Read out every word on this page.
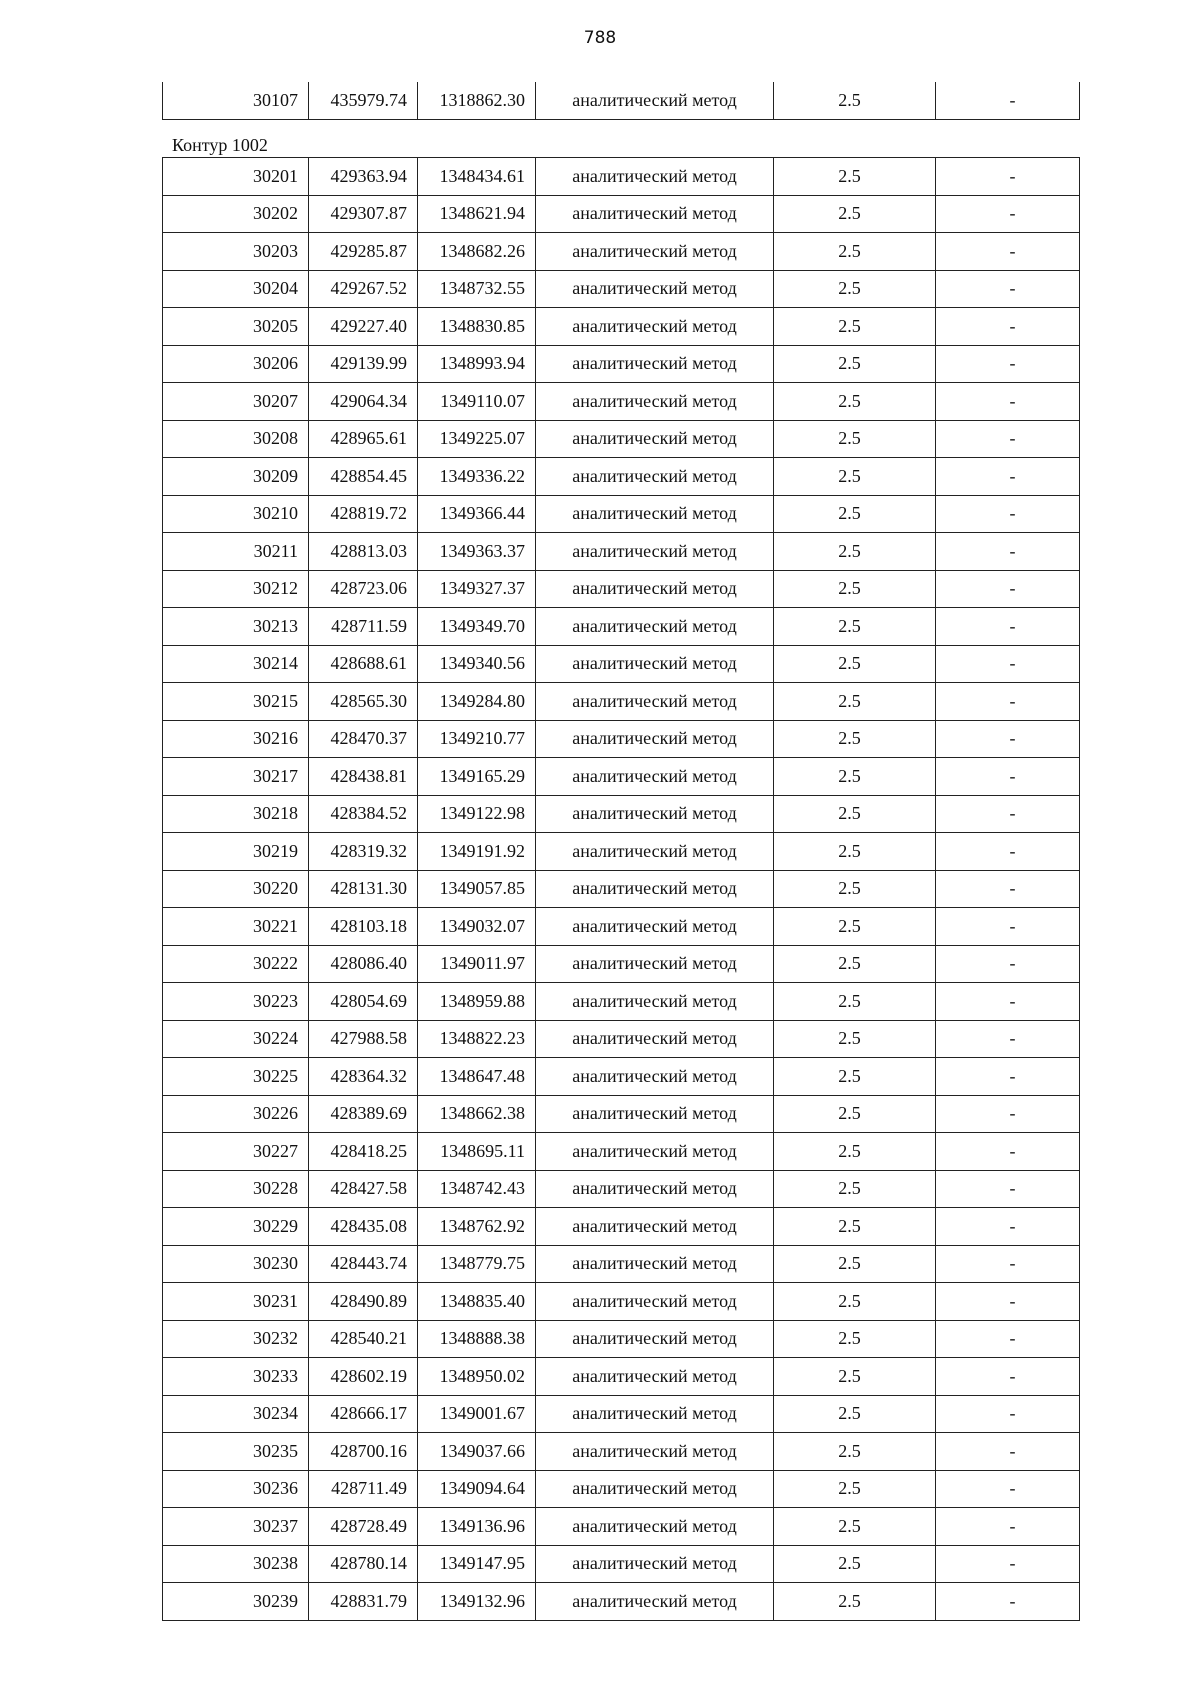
788
30107	435979.74	1318862.30	аналитический метод	2.5	-
Контур 1002
30201	429363.94	1348434.61	аналитический метод	2.5	-
30202	429307.87	1348621.94	аналитический метод	2.5	-
30203	429285.87	1348682.26	аналитический метод	2.5	-
30204	429267.52	1348732.55	аналитический метод	2.5	-
30205	429227.40	1348830.85	аналитический метод	2.5	-
30206	429139.99	1348993.94	аналитический метод	2.5	-
30207	429064.34	1349110.07	аналитический метод	2.5	-
30208	428965.61	1349225.07	аналитический метод	2.5	-
30209	428854.45	1349336.22	аналитический метод	2.5	-
30210	428819.72	1349366.44	аналитический метод	2.5	-
30211	428813.03	1349363.37	аналитический метод	2.5	-
30212	428723.06	1349327.37	аналитический метод	2.5	-
30213	428711.59	1349349.70	аналитический метод	2.5	-
30214	428688.61	1349340.56	аналитический метод	2.5	-
30215	428565.30	1349284.80	аналитический метод	2.5	-
30216	428470.37	1349210.77	аналитический метод	2.5	-
30217	428438.81	1349165.29	аналитический метод	2.5	-
30218	428384.52	1349122.98	аналитический метод	2.5	-
30219	428319.32	1349191.92	аналитический метод	2.5	-
30220	428131.30	1349057.85	аналитический метод	2.5	-
30221	428103.18	1349032.07	аналитический метод	2.5	-
30222	428086.40	1349011.97	аналитический метод	2.5	-
30223	428054.69	1348959.88	аналитический метод	2.5	-
30224	427988.58	1348822.23	аналитический метод	2.5	-
30225	428364.32	1348647.48	аналитический метод	2.5	-
30226	428389.69	1348662.38	аналитический метод	2.5	-
30227	428418.25	1348695.11	аналитический метод	2.5	-
30228	428427.58	1348742.43	аналитический метод	2.5	-
30229	428435.08	1348762.92	аналитический метод	2.5	-
30230	428443.74	1348779.75	аналитический метод	2.5	-
30231	428490.89	1348835.40	аналитический метод	2.5	-
30232	428540.21	1348888.38	аналитический метод	2.5	-
30233	428602.19	1348950.02	аналитический метод	2.5	-
30234	428666.17	1349001.67	аналитический метод	2.5	-
30235	428700.16	1349037.66	аналитический метод	2.5	-
30236	428711.49	1349094.64	аналитический метод	2.5	-
30237	428728.49	1349136.96	аналитический метод	2.5	-
30238	428780.14	1349147.95	аналитический метод	2.5	-
30239	428831.79	1349132.96	аналитический метод	2.5	-
